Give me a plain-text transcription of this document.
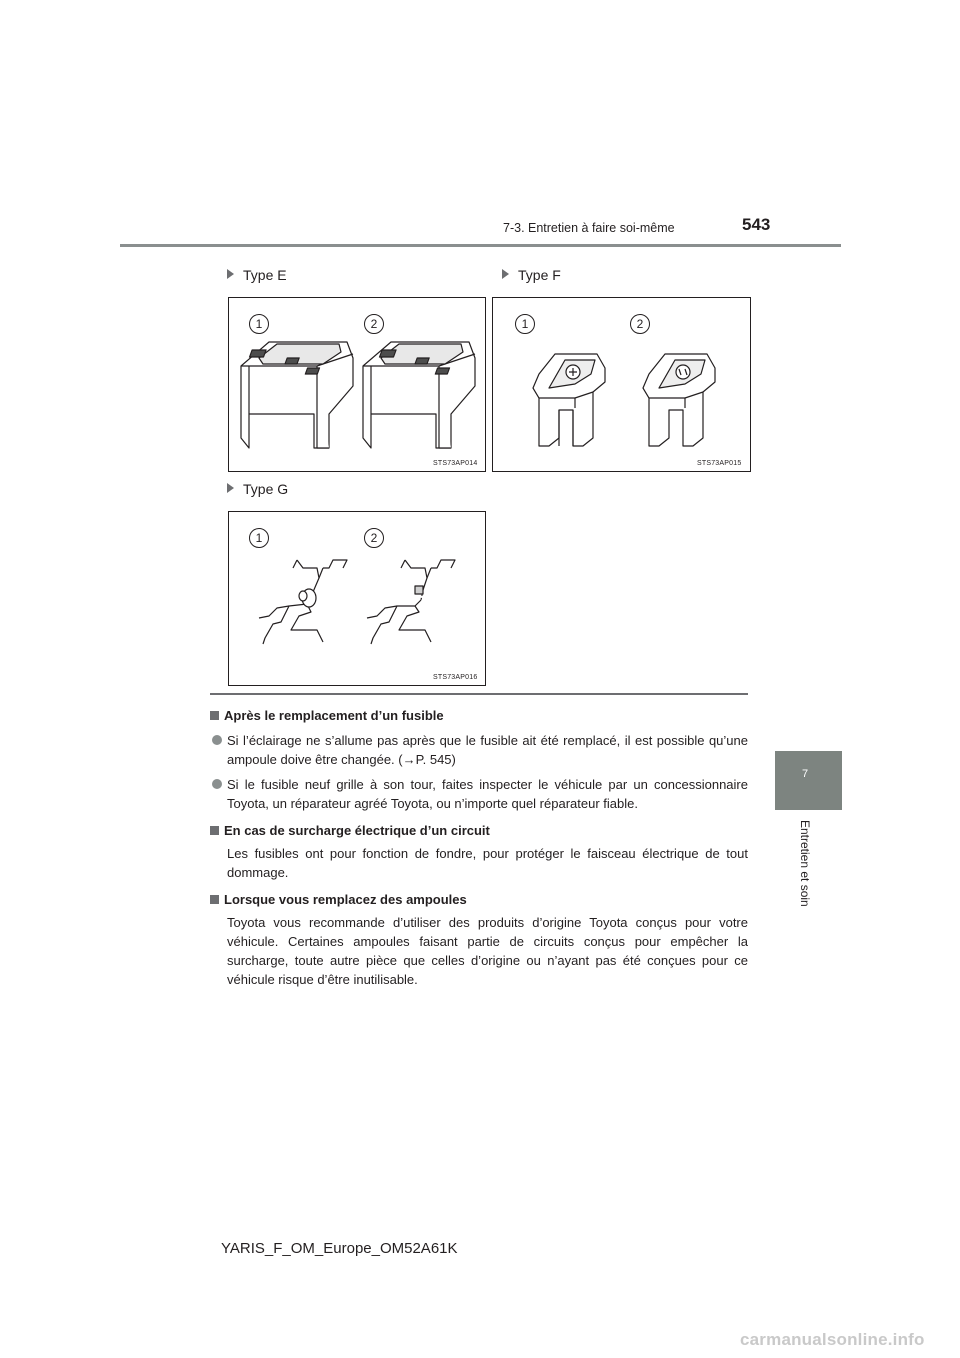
7-3. Entretien à faire soi-même	543
7
Entretien et soin
Type E
1	2
STS73AP014
Type F
1	2
STS73AP015
Type G
1	2
STS73AP016
Après le remplacement d’un fusible
Si l’éclairage ne s’allume pas après que le fusible ait été remplacé, il est possible qu’une ampoule doive être changée. (→P. 545)
Si le fusible neuf grille à son tour, faites inspecter le véhicule par un concessionnaire Toyota, un réparateur agréé Toyota, ou n’importe quel réparateur fiable.
En cas de surcharge électrique d’un circuit
Les fusibles ont pour fonction de fondre, pour protéger le faisceau électrique de tout dommage.
Lorsque vous remplacez des ampoules
Toyota vous recommande d’utiliser des produits d’origine Toyota conçus pour votre véhicule. Certaines ampoules faisant partie de circuits conçus pour empêcher la surcharge, toute autre pièce que celles d’origine ou n’ayant pas été conçues pour ce véhicule risque d’être inutilisable.
YARIS_F_OM_Europe_OM52A61K
carmanualsonline.info
